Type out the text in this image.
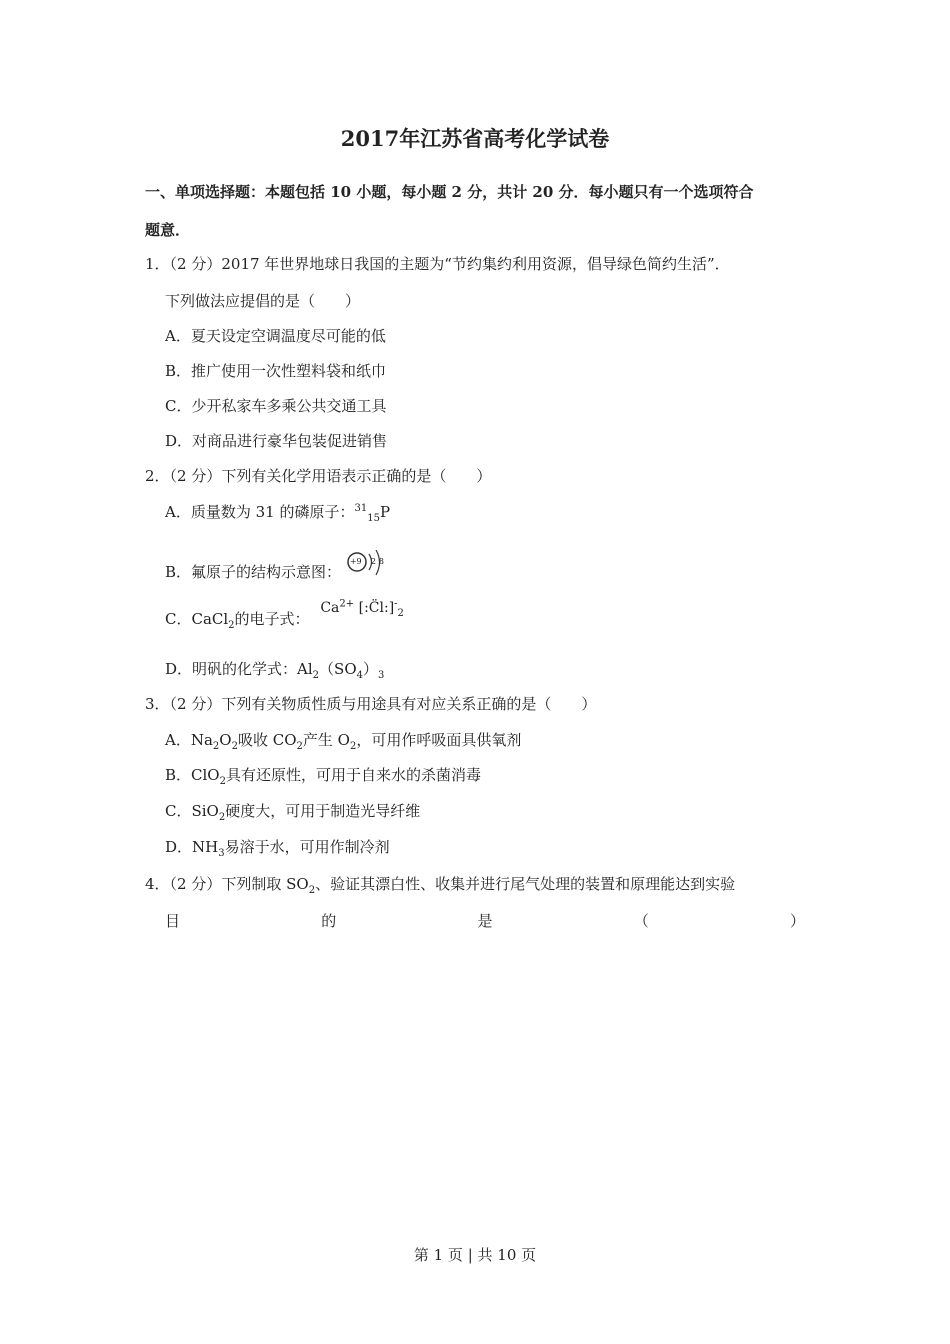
2017年江苏省高考化学试卷
一、单项选择题：本题包括 10 小题，每小题 2 分，共计 20 分．每小题只有一个选项符合
题意．
1．（2 分）2017 年世界地球日我国的主题为“节约集约利用资源，倡导绿色简约生活”．
下列做法应提倡的是（　　）
A．夏天设定空调温度尽可能的低
B．推广使用一次性塑料袋和纸巾
C．少开私家车多乘公共交通工具
D．对商品进行豪华包装促进销售
2．（2 分）下列有关化学用语表示正确的是（　　）
A．质量数为 31 的磷原子：$^{31}_{15}$P
B．氟原子的结构示意图：
+9 2 8
C．CaCl$_2$的电子式： $Ca^{2+}$ $[:C̈l:]^-_2$
D．明矾的化学式：$Al_2(SO_4)_3$
3．（2 分）下列有关物质性质与用途具有对应关系正确的是（　　）
A．$Na_2O_2$吸收 $CO_2$产生 $O_2$，可用作呼吸面具供氧剂
B．ClO$_2$具有还原性，可用于自来水的杀菌消毒
C．SiO$_2$硬度大，可用于制造光导纤维
D．$NH_3$易溶于水，可用作制冷剂
4．（2 分）下列制取 $SO_2$、验证其漂白性、收集并进行尾气处理的装置和原理能达到实验
目	的	是	（	）
第 1 页 | 共 10 页
